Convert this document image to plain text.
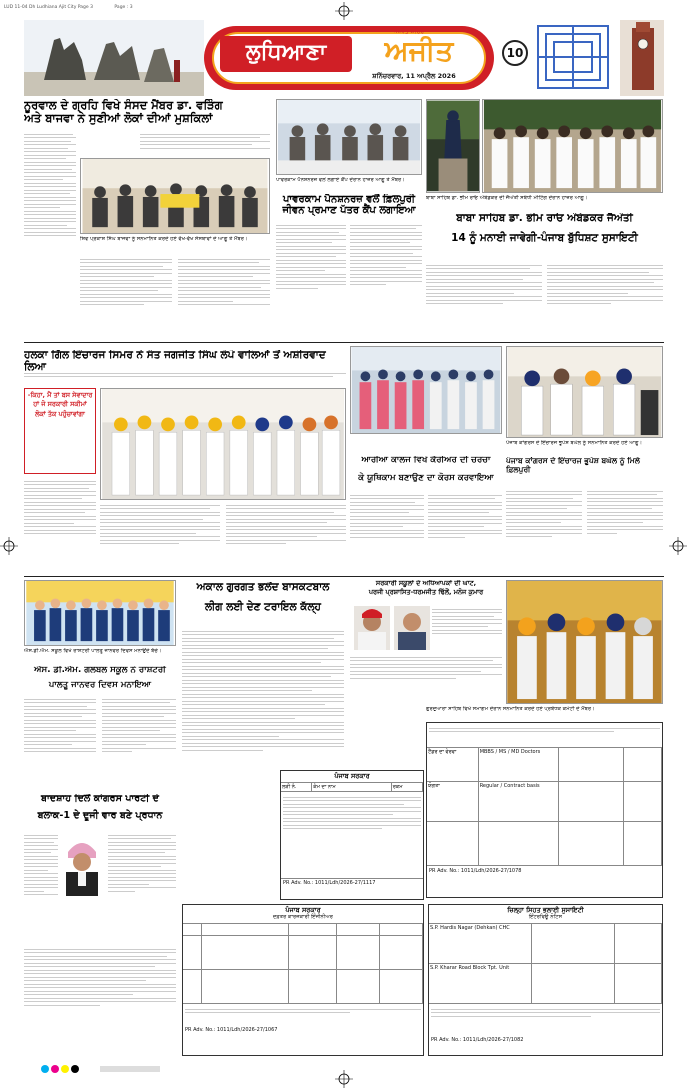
LUD 11-04 Dh Ludhiana Ajit City Page 3	Page : 3
ਲੁਧਿਆਣਾ	ਅਜੀਤ
ਅਜੀਤ ਸ਼ਹਿਰ
ਸ਼ਨਿੱਚਰਵਾਰ, 11 ਅਪ੍ਰੈਲ 2026
10
ਨੂਰਵਾਲ ਦੇ ਗ੍ਰਹਿ ਵਿਖੇ ਸੰਸਦ ਮੈਂਬਰ ਡਾ. ਵੜਿੰਗ
ਅਤੇ ਬਾਜਵਾ ਨੇ ਸੁਣੀਆਂ ਲੋਕਾਂ ਦੀਆਂ ਮੁਸ਼ਕਿਲਾਂ
ਸ਼ਿਵ ਪ੍ਰਕਾਸ਼ ਸਿੰਘ ਬਾਜਵਾ ਨੂੰ ਸਨਮਾਨਿਤ ਕਰਦੇ ਹੋਏ ਵੱਖ-ਵੱਖ ਸੰਸਥਾਵਾਂ ਦੇ ਆਗੂ ਤੇ ਮੈਂਬਰ।
ਪਾਵਰਕਾਮ ਪੈਨਸ਼ਨਰਜ਼ ਵਲੋਂ ਲਗਾਏ ਕੈਂਪ ਦੌਰਾਨ ਹਾਜ਼ਰ ਆਗੂ ਤੇ ਮੈਂਬਰ।
ਪਾਵਰਕਾਮ ਪੈਨਸ਼ਨਰਜ਼ ਵਲੋਂ ਫ਼ਿਲਪੁਰੀ
ਜੀਵਨ ਪ੍ਰਮਾਣ ਪੱਤਰ ਕੈਂਪ ਲਗਾਇਆ
ਬਾਬਾ ਸਾਹਿਬ ਡਾ. ਭੀਮ ਰਾਓ ਅੰਬੇਡਕਰ ਦੀ ਜੈਅੰਤੀ ਸਬੰਧੀ ਮੀਟਿੰਗ ਦੌਰਾਨ ਹਾਜ਼ਰ ਆਗੂ।
ਬਾਬਾ ਸਾਹਿਬ ਡਾ. ਭੀਮ ਰਾਓ ਅੰਬੇਡਕਰ ਜੈਅੰਤੀ
14 ਨੂੰ ਮਨਾਈ ਜਾਵੇਗੀ-ਪੰਜਾਬ ਬੁੱਧਿਸ਼ਟ ਸੁਸਾਇਟੀ
ਹਲਕਾ ਗਿੱਲ ਇੰਚਾਰਜ ਸਿਮਰ ਨੇ ਸੰਤ ਜਗਜੀਤ ਸਿੰਘ ਲੋਪੋ ਵਾਲਿਆਂ ਤੋਂ ਅਸ਼ੀਰਵਾਦ ਲਿਆ
-ਕਿਹਾ, ਮੈਂ ਤਾਂ ਬਸ ਸੇਵਾਦਾਰ ਹਾਂ ਜੋ ਸਰਕਾਰੀ ਸਕੀਮਾਂ ਲੋਕਾਂ ਤੱਕ ਪਹੁੰਚਾਵਾਂਗਾ
ਆਰੀਆ ਕਾਲਜ ਵਿਖੇ ਕੈਰੀਅਰ ਦੀ ਚਰਚਾ
ਕੇ ਯੂਥਿਕਾਮ ਬਣਾਉਣ ਦਾ ਕੋਰਸ ਕਰਵਾਇਆ
ਪੰਜਾਬ ਕਾਂਗਰਸ ਦੇ ਇੰਚਾਰਜ ਭੂਪੇਸ਼ ਬਘੇਲ ਨੂੰ ਸਨਮਾਨਿਤ ਕਰਦੇ ਹੋਏ ਆਗੂ।
ਪੰਜਾਬ ਕਾਂਗਰਸ ਦੇ ਇੰਚਾਰਜ ਭੂਪੇਸ਼ ਬਘੇਲ ਨੂੰ ਮਿਲੇ ਫ਼ਿਲਪੁਰੀ
ਐਸ.ਡੀ.ਐਮ. ਸਕੂਲ ਵਿਖੇ ਰਾਸ਼ਟਰੀ ਪਾਲਤੂ ਜਾਨਵਰ ਦਿਵਸ ਮਨਾਉਂਦੇ ਬੱਚੇ।
ਐਸ. ਡੀ.ਐਮ. ਗਲੋਬਲ ਸਕੂਲ ਨੇ ਰਾਸ਼ਟਰੀ
ਪਾਲਤੂ ਜਾਨਵਰ ਦਿਵਸ ਮਨਾਇਆ
ਅਕਾਲ ਗੁਰਗਤ ਭਲੋਂਦ ਬਾਸਕਟਬਾਲ
ਲੀਗ ਲਈ ਦੇਣ ਟਰਾਇਲ ਕੱਲ੍ਹ
ਸਰਕਾਰੀ ਸਕੂਲਾਂ ਦੇ ਅਧਿਆਪਕਾਂ ਦੀ ਘਾਟ,
ਪਰਜੀ ਪ੍ਰਸ਼ਾਸਿਤ-ਧਰਮਜੀਤ ਢਿੱਲੋਂ, ਮਨੋਜ ਕੁਮਾਰ
ਗੁਰਦੁਆਰਾ ਸਾਹਿਬ ਵਿਖੇ ਸਮਾਗਮ ਦੌਰਾਨ ਸਨਮਾਨਿਤ ਕਰਦੇ ਹੋਏ ਪ੍ਰਬੰਧਕ ਕਮੇਟੀ ਦੇ ਮੈਂਬਰ।
ਬਾਦਸ਼ਾਹ ਦਿਲੋਂ ਕਾਂਗਰਸ ਪਾਰਟੀ ਦੇ
ਬਲਾਕ-1 ਦੇ ਦੂਜੀ ਵਾਰ ਬਣੇ ਪ੍ਰਧਾਨ
ਪੰਜਾਬ ਸਰਕਾਰ
ਲੜੀ ਨੰ.	ਕੰਮ ਦਾ ਨਾਮ	ਰਕਮ
PR Adv. No.: 1011/Ldh/2026-27/1117
ਟੈਂਡਰ ਦਾ ਵੇਰਵਾ	MBBS / MS / MD Doctors
ਯੋਗਤਾ	Regular / Contract basis
PR Adv. No.: 1011/Ldh/2026-27/1078
ਪੰਜਾਬ ਸਰਕਾਰ
ਦਫ਼ਤਰ ਕਾਰਜਕਾਰੀ ਇੰਜੀਨੀਅਰ
PR Adv. No.: 1011/Ldh/2026-27/1067
ਜ਼ਿਲ੍ਹਾ ਸਿਹਤ ਭਲਾਈ ਸੁਸਾਇਟੀ
ਇੰਟਰਵਿਊ ਨੋਟਿਸ
S.P. Hardis Nagar (Dehkan) CHC
S.P. Kharar Road Block Tpt. Unit
PR Adv. No.: 1011/Ldh/2026-27/1082
